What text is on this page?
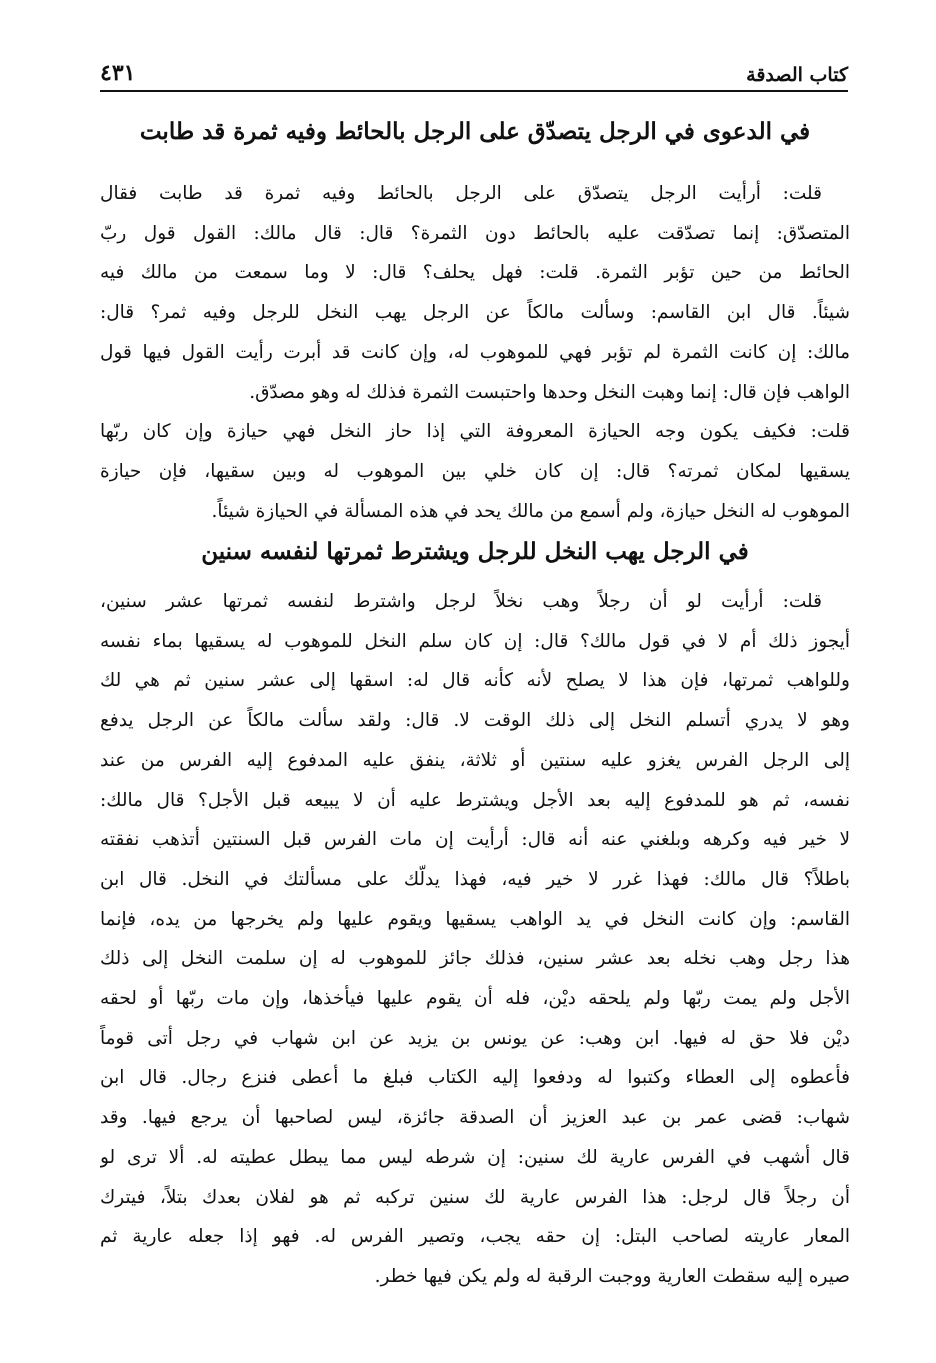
كتاب الصدقة
٤٣١
في الدعوى في الرجل يتصدّق على الرجل بالحائط وفيه ثمرة قد طابت
قلت: أرأيت الرجل يتصدّق على الرجل بالحائط وفيه ثمرة قد طابت فقال
المتصدّق: إنما تصدّقت عليه بالحائط دون الثمرة؟ قال: قال مالك: القول قول ربّ
الحائط من حين تؤبر الثمرة. قلت: فهل يحلف؟ قال: لا وما سمعت من مالك فيه
شيئاً. قال ابن القاسم: وسألت مالكاً عن الرجل يهب النخل للرجل وفيه ثمر؟ قال:
مالك: إن كانت الثمرة لم تؤبر فهي للموهوب له، وإن كانت قد أبرت رأيت القول فيها قول
الواهب فإن قال: إنما وهبت النخل وحدها واحتبست الثمرة فذلك له وهو مصدّق.
قلت: فكيف يكون وجه الحيازة المعروفة التي إذا حاز النخل فهي حيازة وإن كان ربّها
يسقيها لمكان ثمرته؟ قال: إن كان خلي بين الموهوب له وبين سقيها، فإن حيازة
الموهوب له النخل حيازة، ولم أسمع من مالك يحد في هذه المسألة في الحيازة شيئاً.
في الرجل يهب النخل للرجل ويشترط ثمرتها لنفسه سنين
قلت: أرأيت لو أن رجلاً وهب نخلاً لرجل واشترط لنفسه ثمرتها عشر سنين،
أيجوز ذلك أم لا في قول مالك؟ قال: إن كان سلم النخل للموهوب له يسقيها بماء نفسه
وللواهب ثمرتها، فإن هذا لا يصلح لأنه كأنه قال له: اسقها إلى عشر سنين ثم هي لك
وهو لا يدري أتسلم النخل إلى ذلك الوقت لا. قال: ولقد سألت مالكاً عن الرجل يدفع
إلى الرجل الفرس يغزو عليه سنتين أو ثلاثة، ينفق عليه المدفوع إليه الفرس من عند
نفسه، ثم هو للمدفوع إليه بعد الأجل ويشترط عليه أن لا يبيعه قبل الأجل؟ قال مالك:
لا خير فيه وكرهه وبلغني عنه أنه قال: أرأيت إن مات الفرس قبل السنتين أتذهب نفقته
باطلاً؟ قال مالك: فهذا غرر لا خير فيه، فهذا يدلّك على مسألتك في النخل. قال ابن
القاسم: وإن كانت النخل في يد الواهب يسقيها ويقوم عليها ولم يخرجها من يده، فإنما
هذا رجل وهب نخله بعد عشر سنين، فذلك جائز للموهوب له إن سلمت النخل إلى ذلك
الأجل ولم يمت ربّها ولم يلحقه ديْن، فله أن يقوم عليها فيأخذها، وإن مات ربّها أو لحقه
ديْن فلا حق له فيها. ابن وهب: عن يونس بن يزيد عن ابن شهاب في رجل أتى قوماً
فأعطوه إلى العطاء وكتبوا له ودفعوا إليه الكتاب فبلغ ما أعطى فنزع رجال. قال ابن
شهاب: قضى عمر بن عبد العزيز أن الصدقة جائزة، ليس لصاحبها أن يرجع فيها. وقد
قال أشهب في الفرس عارية لك سنين: إن شرطه ليس مما يبطل عطيته له. ألا ترى لو
أن رجلاً قال لرجل: هذا الفرس عارية لك سنين تركبه ثم هو لفلان بعدك بتلاً، فيترك
المعار عاريته لصاحب البتل: إن حقه يجب، وتصير الفرس له. فهو إذا جعله عارية ثم
صيره إليه سقطت العارية ووجبت الرقبة له ولم يكن فيها خطر.
